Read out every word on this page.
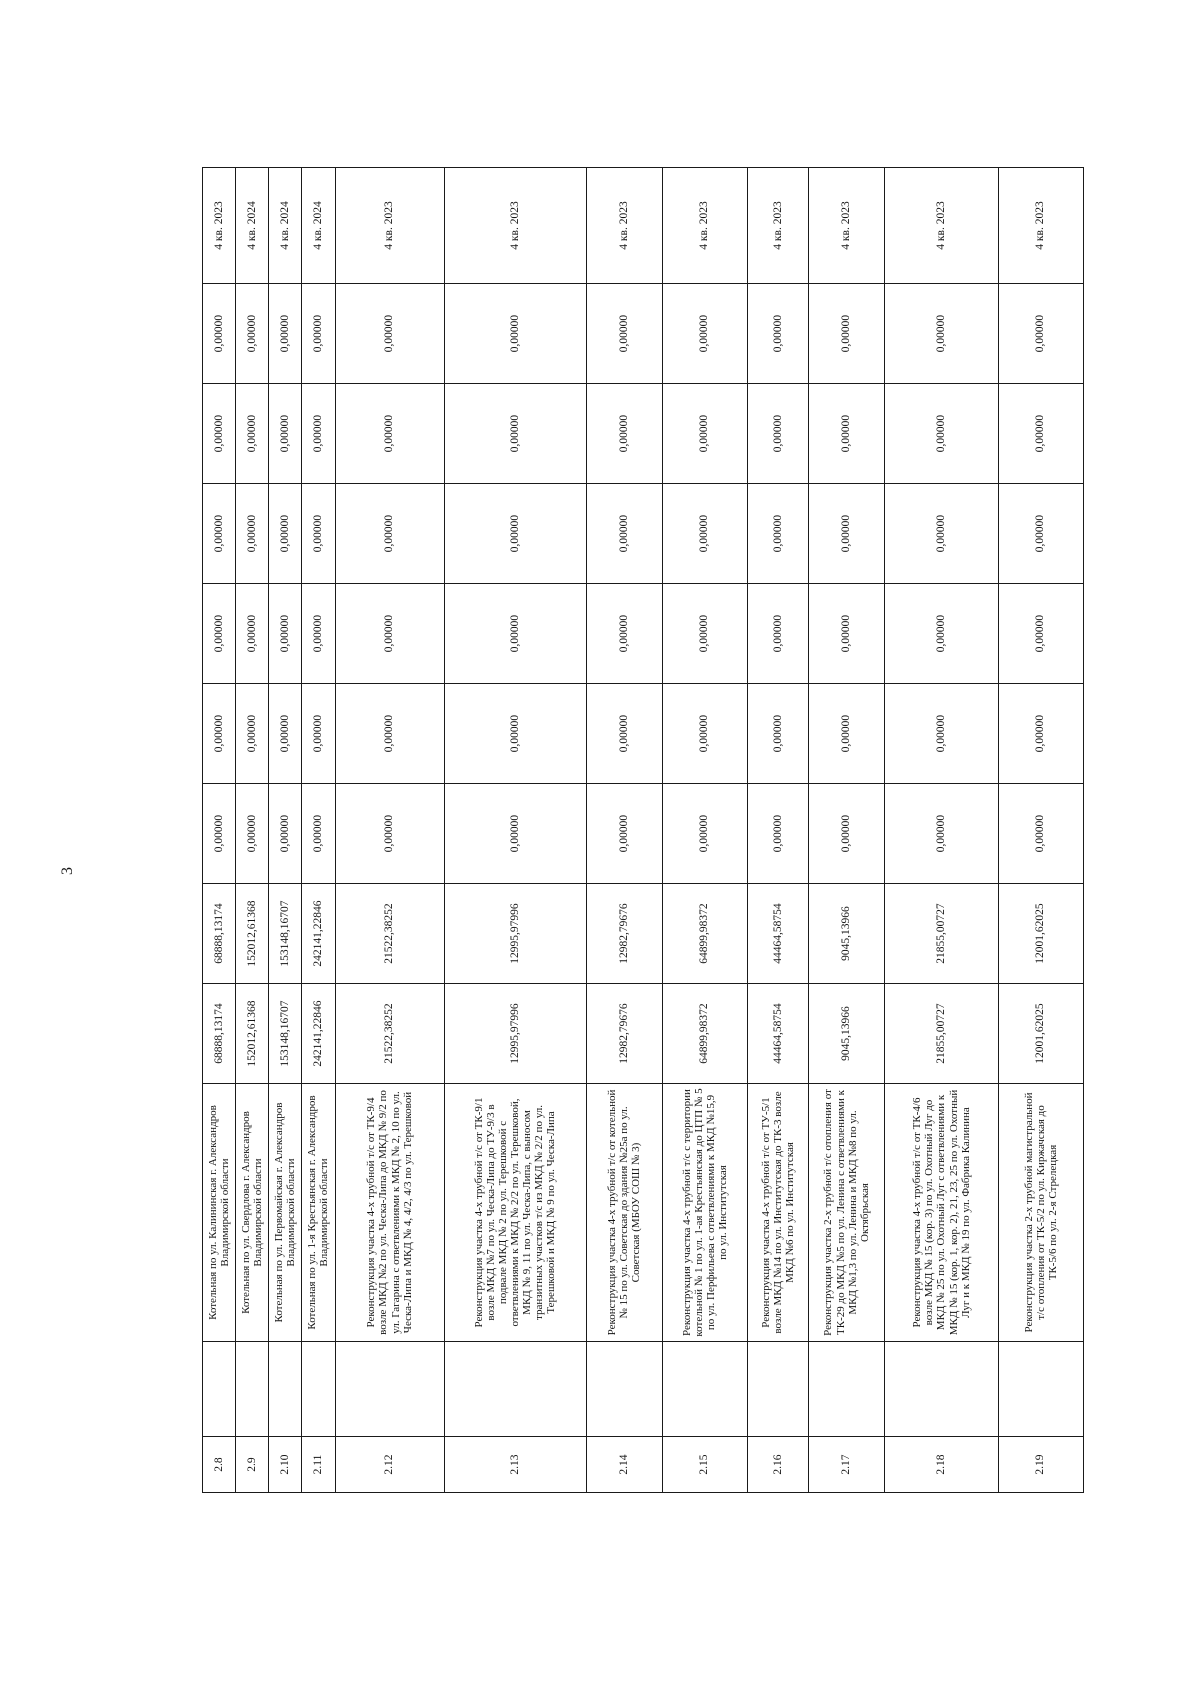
3
2.8		Котельная по ул. Калининская г. Александров Владимирской области	68888,13174	68888,13174	0,00000	0,00000	0,00000	0,00000	0,00000	0,00000	4 кв. 2023
2.9		Котельная по ул. Свердлова г. Александров Владимирской области	152012,61368	152012,61368	0,00000	0,00000	0,00000	0,00000	0,00000	0,00000	4 кв. 2024
2.10		Котельная по ул. Первомайская г. Александров Владимирской области	153148,16707	153148,16707	0,00000	0,00000	0,00000	0,00000	0,00000	0,00000	4 кв. 2024
2.11		Котельная по ул. 1-я Крестьянская г. Александров Владимирской области	242141,22846	242141,22846	0,00000	0,00000	0,00000	0,00000	0,00000	0,00000	4 кв. 2024
2.12		Реконструкция участка 4-х трубной т/с от ТК-9/4 возле МКД №2 по ул. Ческа-Липа до МКД № 9/2 по ул. Гагарина с ответвлениями к МКД № 2, 10 по ул. Ческа-Липа и МКД № 4, 4/2, 4/3 по ул. Терешковой	21522,38252	21522,38252	0,00000	0,00000	0,00000	0,00000	0,00000	0,00000	4 кв. 2023
2.13		Реконструкция участка 4-х трубной т/с от ТК-9/1 возле МКД №7 по ул. Ческа-Липа до ТУ-9/3 в подвале МКД № 2 по ул. Терешковой с ответвлениями к МКД № 2/2 по ул. Терешковой, МКД № 9, 11 по ул. Ческа-Липа, с выносом транзитных участков т/с из МКД № 2/2 по ул. Терешковой и МКД № 9 по ул. Ческа-Липа	12995,97996	12995,97996	0,00000	0,00000	0,00000	0,00000	0,00000	0,00000	4 кв. 2023
2.14		Реконструкция участка 4-х трубной т/с от котельной № 15 по ул. Советская до здания №25а по ул. Советская (МБОУ СОШ № 3)	12982,79676	12982,79676	0,00000	0,00000	0,00000	0,00000	0,00000	0,00000	4 кв. 2023
2.15		Реконструкция участка 4-х трубной т/с с территории котельной № 1 по ул. 1-ая Крестьянская до ЦТП № 5 по ул. Перфильева с ответвлениями к МКД №15,9 по ул. Институтская	64899,98372	64899,98372	0,00000	0,00000	0,00000	0,00000	0,00000	0,00000	4 кв. 2023
2.16		Реконструкция участка 4-х трубной т/с от ТУ-5/1 возле МКД №14 по ул. Институтская до ТК-3 возле МКД №6 по ул. Институтская	44464,58754	44464,58754	0,00000	0,00000	0,00000	0,00000	0,00000	0,00000	4 кв. 2023
2.17		Реконструкция участка 2-х трубной т/с отопления от ТК-29 до МКД №5 по ул. Ленина с ответвлениями к МКД №1,3 по ул. Ленина и МКД №8 по ул. Октябрьская	9045,13966	9045,13966	0,00000	0,00000	0,00000	0,00000	0,00000	0,00000	4 кв. 2023
2.18		Реконструкция участка 4-х трубной т/с от ТК-4/6 возле МКД № 15 (кор. 3) по ул. Охотный Луг до МКД № 25 по ул. Охотный Луг с ответвлениями к МКД № 15 (кор. 1, кор. 2), 21, 23, 25 по ул. Охотный Луг и к МКД № 19 по ул. Фабрика Калинина	21855,00727	21855,00727	0,00000	0,00000	0,00000	0,00000	0,00000	0,00000	4 кв. 2023
2.19		Реконструкция участка 2-х трубной магистральной т/с отопления от ТК-5/2 по ул. Киржачская до ТК-5/6 по ул. 2-я Стрелецкая	12001,62025	12001,62025	0,00000	0,00000	0,00000	0,00000	0,00000	0,00000	4 кв. 2023
